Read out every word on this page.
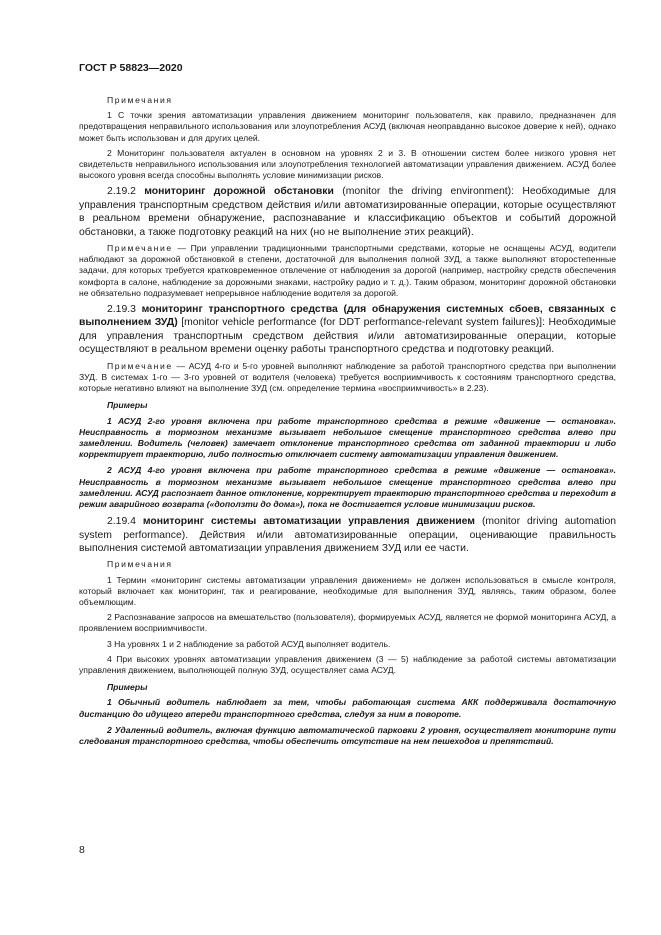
ГОСТ Р 58823—2020
Примечания

1 С точки зрения автоматизации управления движением мониторинг пользователя, как правило, предназначен для предотвращения неправильного использования или злоупотребления АСУД (включая неоправданно высокое доверие к ней), однако может быть использован и для других целей.

2 Мониторинг пользователя актуален в основном на уровнях 2 и 3. В отношении систем более низкого уровня нет свидетельств неправильного использования или злоупотребления технологией автоматизации управления движением. АСУД более высокого уровня всегда способны выполнять условие минимизации рисков.

2.19.2 мониторинг дорожной обстановки (monitor the driving environment): Необходимые для управления транспортным средством действия и/или автоматизированные операции, которые осуществляют в реальном времени обнаружение, распознавание и классификацию объектов и событий дорожной обстановки, а также подготовку реакций на них (но не выполнение этих реакций).

Примечание — При управлении традиционными транспортными средствами, которые не оснащены АСУД, водители наблюдают за дорожной обстановкой в степени, достаточной для выполнения полной ЗУД, а также выполняют второстепенные задачи, для которых требуется кратковременное отвлечение от наблюдения за дорогой (например, настройку средств обеспечения комфорта в салоне, наблюдение за дорожными знаками, настройку радио и т. д.). Таким образом, мониторинг дорожной обстановки не обязательно подразумевает непрерывное наблюдение водителя за дорогой.

2.19.3 мониторинг транспортного средства (для обнаружения системных сбоев, связанных с выполнением ЗУД) [monitor vehicle performance (for DDT performance-relevant system failures)]: Необходимые для управления транспортным средством действия и/или автоматизированные операции, которые осуществляют в реальном времени оценку работы транспортного средства и подготовку реакций.

Примечание — АСУД 4-го и 5-го уровней выполняют наблюдение за работой транспортного средства при выполнении ЗУД. В системах 1-го — 3-го уровней от водителя (человека) требуется восприимчивость к состояниям транспортного средства, которые негативно влияют на выполнение ЗУД (см. определение термина «восприимчивость» в 2.23).

Примеры

1 АСУД 2-го уровня включена при работе транспортного средства в режиме «движение — остановка». Неисправность в тормозном механизме вызывает небольшое смещение транспортного средства влево при замедлении. Водитель (человек) замечает отклонение транспортного средства от заданной траектории и либо корректирует траекторию, либо полностью отключает систему автоматизации управления движением.

2 АСУД 4-го уровня включена при работе транспортного средства в режиме «движение — остановка». Неисправность в тормозном механизме вызывает небольшое смещение транспортного средства влево при замедлении. АСУД распознает данное отклонение, корректирует траекторию транспортного средства и переходит в режим аварийного возврата («доползти до дома»), пока не достигается условие минимизации рисков.

2.19.4 мониторинг системы автоматизации управления движением (monitor driving automation system performance). Действия и/или автоматизированные операции, оценивающие правильность выполнения системой автоматизации управления движением ЗУД или ее части.

Примечания

1 Термин «мониторинг системы автоматизации управления движением» не должен использоваться в смысле контроля, который включает как мониторинг, так и реагирование, необходимые для выполнения ЗУД, являясь, таким образом, более объемлющим.

2 Распознавание запросов на вмешательство (пользователя), формируемых АСУД, является не формой мониторинга АСУД, а проявлением восприимчивости.

3 На уровнях 1 и 2 наблюдение за работой АСУД выполняет водитель.

4 При высоких уровнях автоматизации управления движением (3 — 5) наблюдение за работой системы автоматизации управления движением, выполняющей полную ЗУД, осуществляет сама АСУД.

Примеры

1 Обычный водитель наблюдает за тем, чтобы работающая система АКК поддерживала достаточную дистанцию до идущего впереди транспортного средства, следуя за ним в повороте.

2 Удаленный водитель, включая функцию автоматической парковки 2 уровня, осуществляет мониторинг пути следования транспортного средства, чтобы обеспечить отсутствие на нем пешеходов и препятствий.

8
